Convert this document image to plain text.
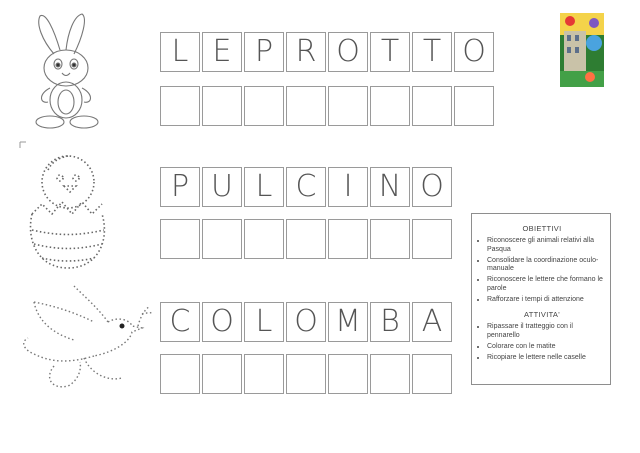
L E P R O T T O
P U L C I N O
C O L O M B A
OBIETTIVI
• Riconoscere gli animali relativi alla Pasqua
• Consolidare la coordinazione oculo-manuale
• Riconoscere le lettere che formano le parole
• Rafforzare i tempi di attenzione
ATTIVITA'
• Ripassare il tratteggio con il pennarello
• Colorare con le matite
• Ricopiare le lettere nelle caselle
